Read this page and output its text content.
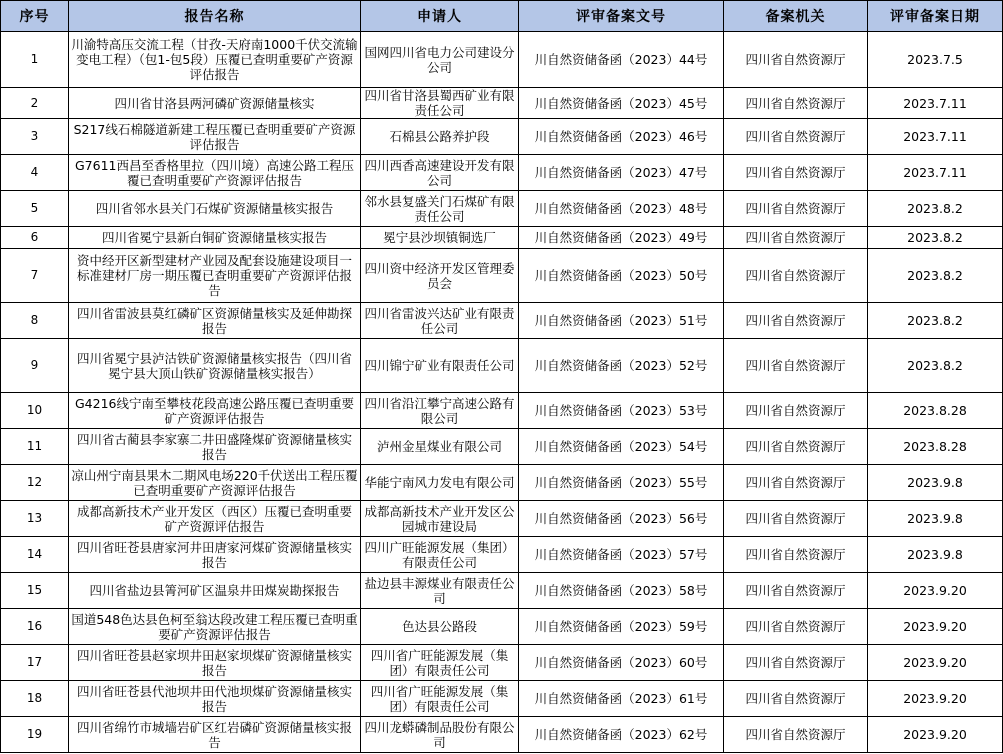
序号	报告名称	申请人	评审备案文号	备案机关	评审备案日期
1	川渝特高压交流工程（甘孜-天府南1000千伏交流输变电工程）（包1-包5段）压覆已查明重要矿产资源评估报告	国网四川省电力公司建设分公司	川自然资储备函（2023）44号	四川省自然资源厅	2023.7.5
2	四川省甘洛县两河磷矿资源储量核实	四川省甘洛县蜀西矿业有限责任公司	川自然资储备函（2023）45号	四川省自然资源厅	2023.7.11
3	S217线石棉隧道新建工程压覆已查明重要矿产资源评估报告	石棉县公路养护段	川自然资储备函（2023）46号	四川省自然资源厅	2023.7.11
4	G7611西昌至香格里拉（四川境）高速公路工程压覆已查明重要矿产资源评估报告	四川西香高速建设开发有限公司	川自然资储备函（2023）47号	四川省自然资源厅	2023.7.11
5	四川省邻水县关门石煤矿资源储量核实报告	邻水县复盛关门石煤矿有限责任公司	川自然资储备函（2023）48号	四川省自然资源厅	2023.8.2
6	四川省冕宁县新白铜矿资源储量核实报告	冕宁县沙坝镇铜选厂	川自然资储备函（2023）49号	四川省自然资源厅	2023.8.2
7	资中经开区新型建材产业园及配套设施建设项目一标准建材厂房一期压覆已查明重要矿产资源评估报告	四川资中经济开发区管理委员会	川自然资储备函（2023）50号	四川省自然资源厅	2023.8.2
8	四川省雷波县莫红磷矿区资源储量核实及延伸勘探报告	四川省雷波兴达矿业有限责任公司	川自然资储备函（2023）51号	四川省自然资源厅	2023.8.2
9	四川省冕宁县泸沽铁矿资源储量核实报告（四川省冕宁县大顶山铁矿资源储量核实报告）	四川锦宁矿业有限责任公司	川自然资储备函（2023）52号	四川省自然资源厅	2023.8.2
10	G4216线宁南至攀枝花段高速公路压覆已查明重要矿产资源评估报告	四川省沿江攀宁高速公路有限公司	川自然资储备函（2023）53号	四川省自然资源厅	2023.8.28
11	四川省古蔺县李家寨二井田盛隆煤矿资源储量核实报告	泸州金星煤业有限公司	川自然资储备函（2023）54号	四川省自然资源厅	2023.8.28
12	凉山州宁南县果木二期风电场220千伏送出工程压覆已查明重要矿产资源评估报告	华能宁南风力发电有限公司	川自然资储备函（2023）55号	四川省自然资源厅	2023.9.8
13	成都高新技术产业开发区（西区）压覆已查明重要矿产资源评估报告	成都高新技术产业开发区公园城市建设局	川自然资储备函（2023）56号	四川省自然资源厅	2023.9.8
14	四川省旺苍县唐家河井田唐家河煤矿资源储量核实报告	四川广旺能源发展（集团）有限责任公司	川自然资储备函（2023）57号	四川省自然资源厅	2023.9.8
15	四川省盐边县箐河矿区温泉井田煤炭勘探报告	盐边县丰源煤业有限责任公司	川自然资储备函（2023）58号	四川省自然资源厅	2023.9.20
16	国道548色达县色柯至翁达段改建工程压覆已查明重要矿产资源评估报告	色达县公路段	川自然资储备函（2023）59号	四川省自然资源厅	2023.9.20
17	四川省旺苍县赵家坝井田赵家坝煤矿资源储量核实报告	四川省广旺能源发展（集团）有限责任公司	川自然资储备函（2023）60号	四川省自然资源厅	2023.9.20
18	四川省旺苍县代池坝井田代池坝煤矿资源储量核实报告	四川省广旺能源发展（集团）有限责任公司	川自然资储备函（2023）61号	四川省自然资源厅	2023.9.20
19	四川省绵竹市城墙岩矿区红岩磷矿资源储量核实报告	四川龙蟒磷制品股份有限公司	川自然资储备函（2023）62号	四川省自然资源厅	2023.9.20
